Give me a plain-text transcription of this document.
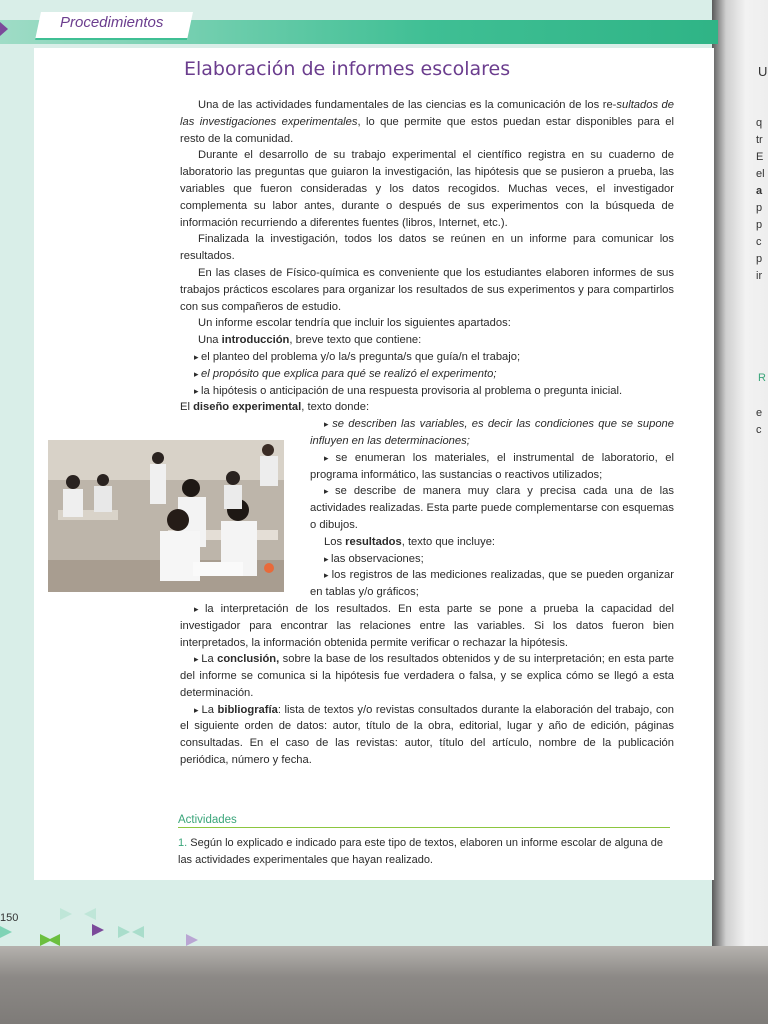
U
q
tr
E
el
a
p
p
c
p
ir
R
e
c
Procedimientos
Elaboración de informes escolares

Una de las actividades fundamentales de las ciencias es la comunicación de los re-sultados de las investigaciones experimentales, lo que permite que estos puedan estar disponibles para el resto de la comunidad.

Durante el desarrollo de su trabajo experimental el científico registra en su cuaderno de laboratorio las preguntas que guiaron la investigación, las hipótesis que se pusieron a prueba, las variables que fueron consideradas y los datos recogidos. Muchas veces, el investigador complementa su labor antes, durante o después de sus experimentos con la búsqueda de información recurriendo a diferentes fuentes (libros, Internet, etc.).

Finalizada la investigación, todos los datos se reúnen en un informe para comunicar los resultados.

En las clases de Físico-química es conveniente que los estudiantes elaboren informes de sus trabajos prácticos escolares para organizar los resultados de sus experimentos y para compartirlos con sus compañeros de estudio.

Un informe escolar tendría que incluir los siguientes apartados:

Una introducción, breve texto que contiene:

▸ el planteo del problema y/o la/s pregunta/s que guía/n el trabajo;

▸ el propósito que explica para qué se realizó el experimento;

▸ la hipótesis o anticipación de una respuesta provisoria al problema o pregunta inicial.

El diseño experimental, texto donde:

▸ se describen las variables, es decir las condiciones que se supone influyen en las determinaciones;

▸ se enumeran los materiales, el instrumental de laboratorio, el programa informático, las sustancias o reactivos utilizados;

▸ se describe de manera muy clara y precisa cada una de las actividades realizadas. Esta parte puede complementarse con esquemas o dibujos.

Los resultados, texto que incluye:

▸ las observaciones;

▸ los registros de las mediciones realizadas, que se pueden organizar en tablas y/o gráficos;

▸ la interpretación de los resultados. En esta parte se pone a prueba la capacidad del investigador para encontrar las relaciones entre las variables. Si los datos fueron bien interpretados, la información obtenida permite verificar o rechazar la hipótesis.

▸ La conclusión, sobre la base de los resultados obtenidos y de su interpretación; en esta parte del informe se comunica si la hipótesis fue verdadera o falsa, y se explica cómo se llegó a esta determinación.

▸ La bibliografía: lista de textos y/o revistas consultados durante la elaboración del trabajo, con el siguiente orden de datos: autor, título de la obra, editorial, lugar y año de edición, páginas consultadas. En el caso de las revistas: autor, título del artículo, nombre de la publicación periódica, número y fecha.

Actividades
1. Según lo explicado e indicado para este tipo de textos, elaboren un informe escolar de alguna de las actividades experimentales que hayan realizado.
150
